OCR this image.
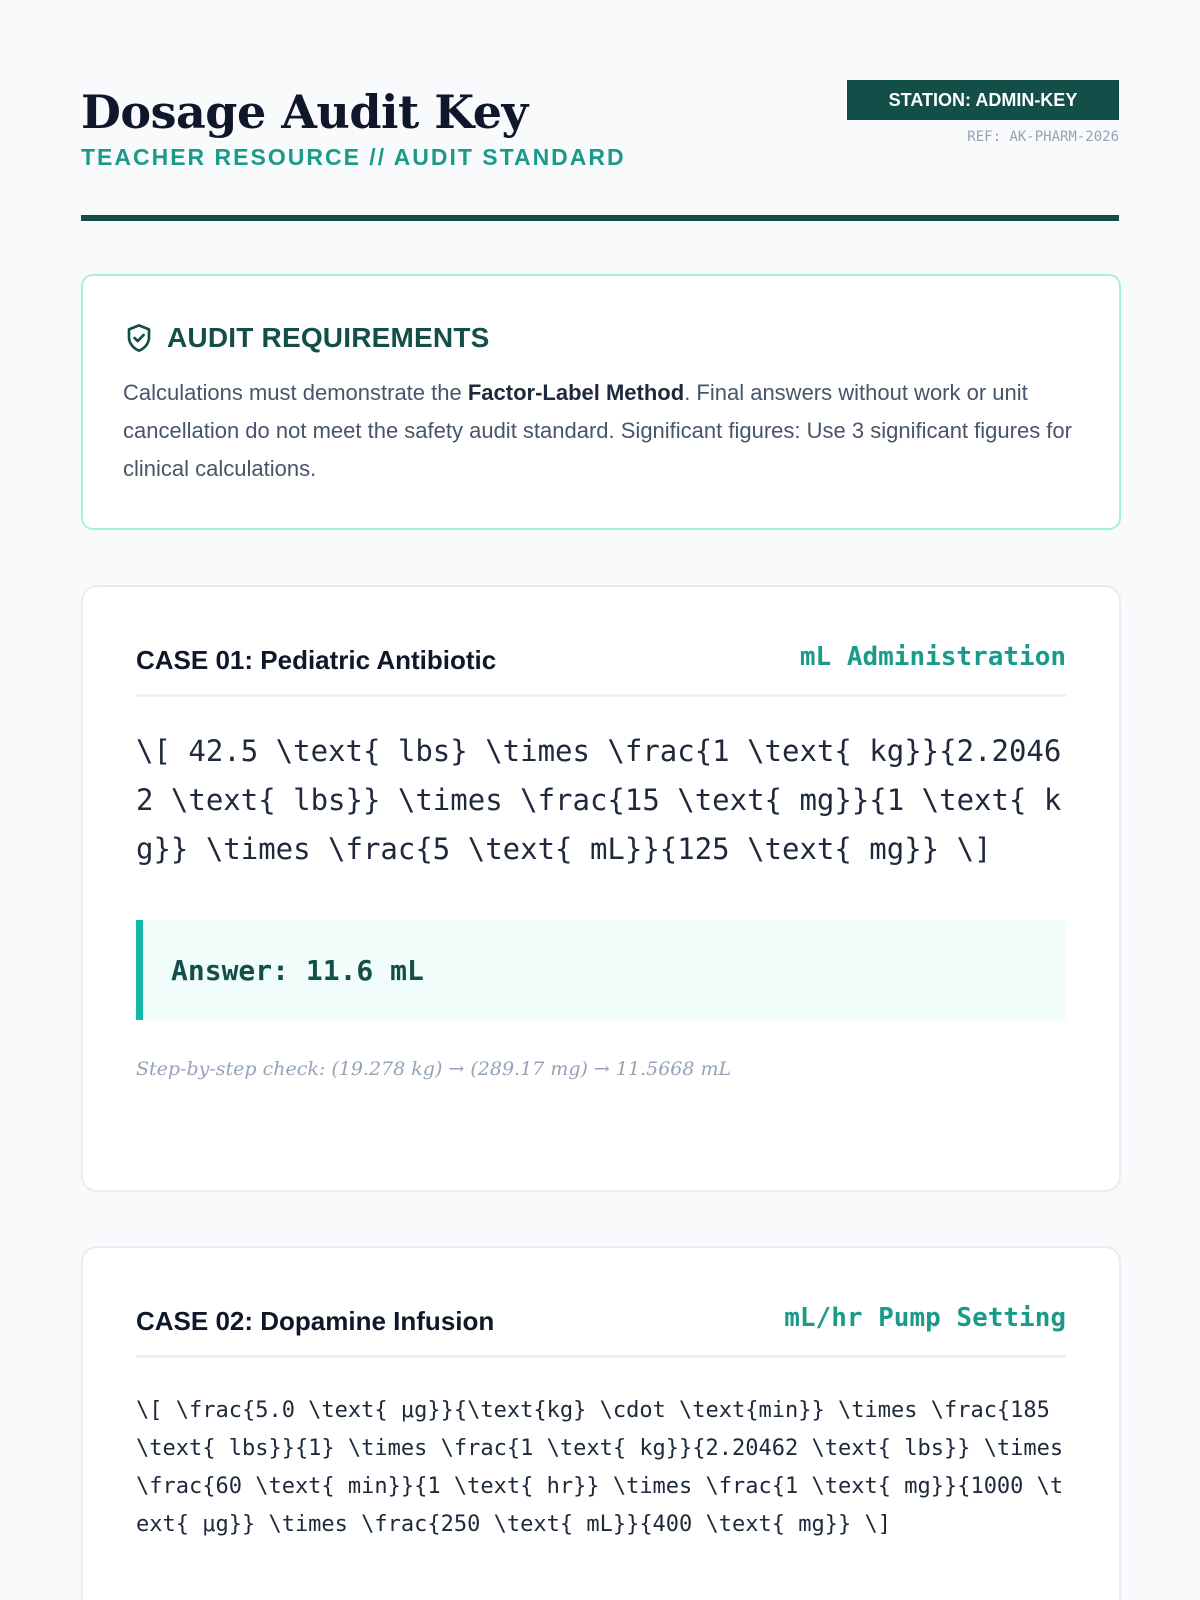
Dosage Audit Key
TEACHER RESOURCE // AUDIT STANDARD
STATION: ADMIN-KEY
REF: AK-PHARM-2026
AUDIT REQUIREMENTS

Calculations must demonstrate the Factor-Label Method. Final answers without work or unit cancellation do not meet the safety audit standard. Significant figures: Use 3 significant figures for clinical calculations.

CASE 01: Pediatric Antibiotic	mL Administration
\[ 42.5 \text{ lbs} \times \frac{1 \text{ kg}}{2.20462 \text{ lbs}} \times \frac{15 \text{ mg}}{1 \text{ kg}} \times \frac{5 \text{ mL}}{125 \text{ mg}} \]
Answer: 11.6 mL
Step-by-step check: (19.278 kg) → (289.17 mg) → 11.5668 mL
CASE 02: Dopamine Infusion	mL/hr Pump Setting
\[ \frac{5.0 \text{ μg}}{\text{kg} \cdot \text{min}} \times \frac{185 \text{ lbs}}{1} \times \frac{1 \text{ kg}}{2.20462 \text{ lbs}} \times \frac{60 \text{ min}}{1 \text{ hr}} \times \frac{1 \text{ mg}}{1000 \text{ μg}} \times \frac{250 \text{ mL}}{400 \text{ mg}} \]
